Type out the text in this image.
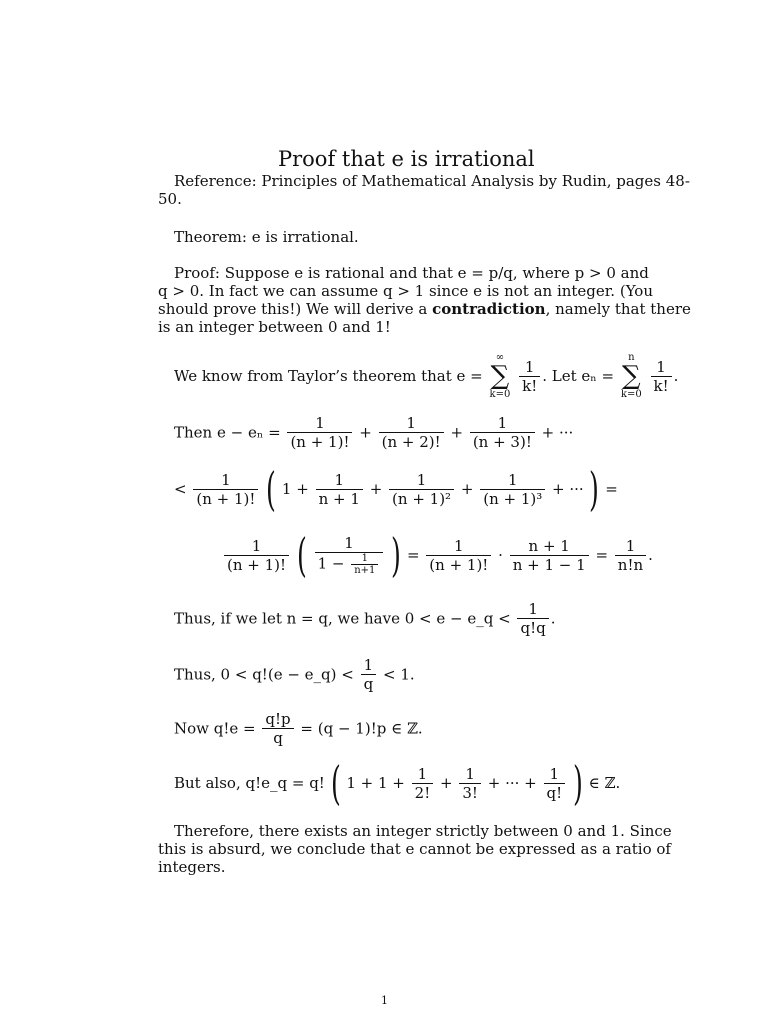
Proof that e is irrational
Reference: Principles of Mathematical Analysis by Rudin, pages 48-
50.
Theorem: e is irrational.
Proof: Suppose e is rational and that e = p/q, where p > 0 and
q > 0. In fact we can assume q > 1 since e is not an integer. (You
should prove this!) We will derive a contradiction, namely that there
is an integer between 0 and 1!
We know from Taylor’s theorem that e =
∞
∑
k=0
$\frac{1}{k!}$ . Let eₙ =
n
∑
k=0
$\frac{1}{k!}$ .
Then $e - e_n = \frac{1}{(n + 1)!} + \frac{1}{(n + 2)!} + \frac{1}{(n + 3)!}$ + ···
< $\frac{1}{(n + 1)!}$ ( $1 + \frac{1}{n + 1} + \frac{1}{\text{(n + 1)²}} + \frac{1}{\text{(n + 1)³}}$ + ··· ) =
$\frac{1}{(n + 1)!}$ ( $\frac{1}{1 - \frac{1}{n+1}}$ ) = $\frac{1}{(n + 1)!} \cdot \frac{n + 1}{n + 1 - 1} = \frac{1}{n!n}$ .
Thus, if we let n = q, we have 0 < e − e_q < $\frac{1}{q!q}$ .
Thus, 0 < q!(e − e_q) < $\frac{1}{q} < 1$.
Now $q!e = \frac{q!p}{q} = (q - 1)!p$ ∈ ℤ.
But also, q!e_q = q! ( $1 + 1 + \frac{1}{2!} + \frac{1}{3!}$ + ··· + $\frac{1}{q!}$ ) ∈ ℤ.
Therefore, there exists an integer strictly between 0 and 1. Since
this is absurd, we conclude that e cannot be expressed as a ratio of
integers.
1
